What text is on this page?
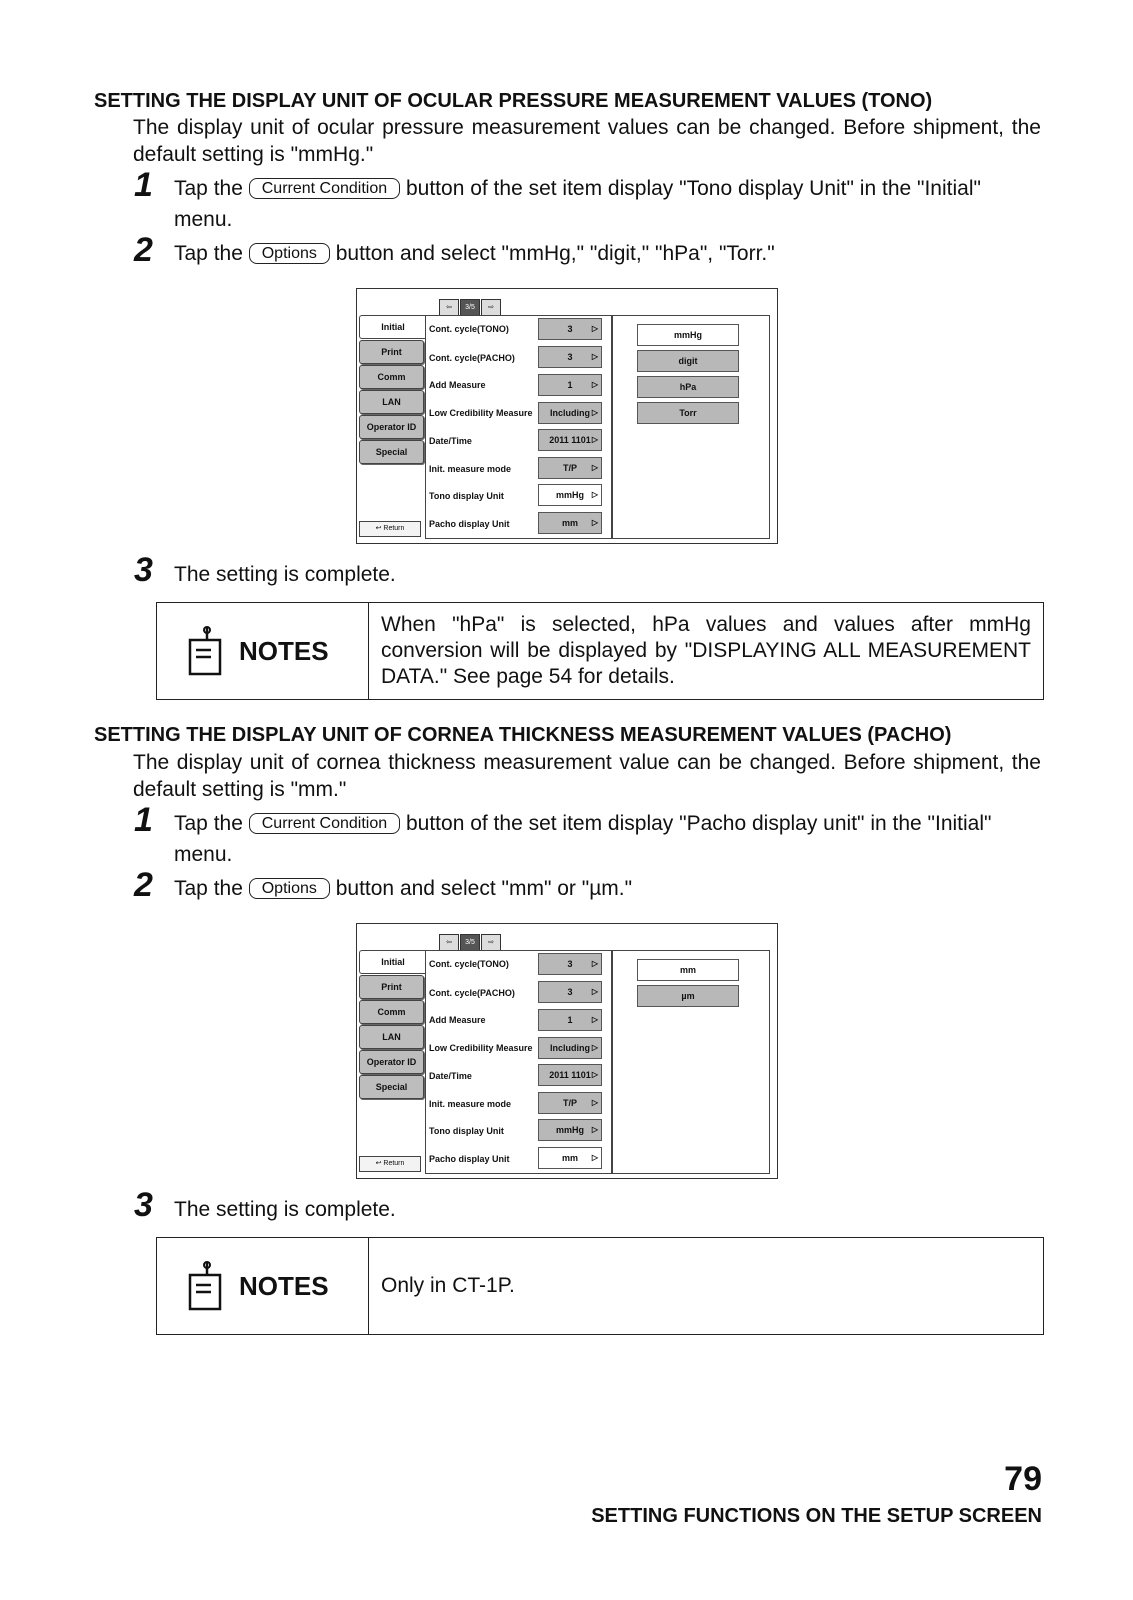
SETTING THE DISPLAY UNIT OF OCULAR PRESSURE MEASUREMENT VALUES (TONO)
The display unit of ocular pressure measurement values can be changed. Before shipment, the default setting is "mmHg."
1 Tap the Current Condition button of the set item display "Tono display Unit" in the "Initial"
menu.
2 Tap the Options button and select "mmHg," "digit," "hPa", "Torr."
⇦	3/5	⇨
Initial
Print
Comm
LAN
Operator ID
Special
↩ Return
Cont. cycle(TONO)	3 ▷
Cont. cycle(PACHO)	3 ▷
Add Measure	1 ▷
Low Credibility Measure	Including ▷
Date/Time	2011 1101 ▷
Init. measure mode	T/P ▷
Tono display Unit	mmHg ▷
Pacho display Unit	mm ▷
mmHg
digit
hPa
Torr
3 The setting is complete.
NOTES
When "hPa" is selected, hPa values and values after mmHg conversion will be displayed by "DISPLAYING ALL MEASUREMENT DATA." See page 54 for details.
SETTING THE DISPLAY UNIT OF CORNEA THICKNESS MEASUREMENT VALUES (PACHO)
The display unit of cornea thickness measurement value can be changed. Before shipment, the default setting is "mm."
1 Tap the Current Condition button of the set item display "Pacho display unit" in the "Initial"
menu.
2 Tap the Options button and select "mm" or "µm."
⇦	3/5	⇨
Initial
Print
Comm
LAN
Operator ID
Special
↩ Return
Cont. cycle(TONO)	3 ▷
Cont. cycle(PACHO)	3 ▷
Add Measure	1 ▷
Low Credibility Measure	Including ▷
Date/Time	2011 1101 ▷
Init. measure mode	T/P ▷
Tono display Unit	mmHg ▷
Pacho display Unit	mm ▷
mm
µm
3 The setting is complete.
NOTES Only in CT-1P.
79
SETTING FUNCTIONS ON THE SETUP SCREEN
